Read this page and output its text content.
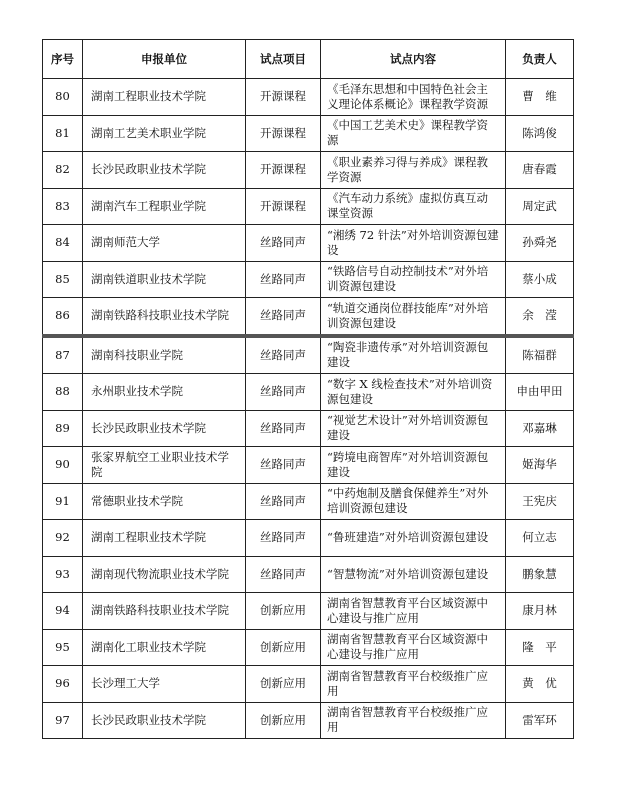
序号	申报单位	试点项目	试点内容	负责人
80	湖南工程职业技术学院	开源课程	《毛泽东思想和中国特色社会主义理论体系概论》课程教学资源	曹　维
81	湖南工艺美术职业学院	开源课程	《中国工艺美术史》课程教学资源	陈鸿俊
82	长沙民政职业技术学院	开源课程	《职业素养习得与养成》课程教学资源	唐春霞
83	湖南汽车工程职业学院	开源课程	《汽车动力系统》虚拟仿真互动课堂资源	周定武
84	湖南师范大学	丝路同声	“湘绣 72 针法”对外培训资源包建设	孙舜尧
85	湖南铁道职业技术学院	丝路同声	“铁路信号自动控制技术”对外培训资源包建设	蔡小成
86	湖南铁路科技职业技术学院	丝路同声	“轨道交通岗位群技能库”对外培训资源包建设	余　滢
87	湖南科技职业学院	丝路同声	“陶瓷非遗传承”对外培训资源包建设	陈福群
88	永州职业技术学院	丝路同声	“数字 X 线检查技术”对外培训资源包建设	申由甲田
89	长沙民政职业技术学院	丝路同声	“视觉艺术设计”对外培训资源包建设	邓嘉琳
90	张家界航空工业职业技术学院	丝路同声	“跨境电商智库”对外培训资源包建设	姬海华
91	常德职业技术学院	丝路同声	“中药炮制及膳食保健养生”对外培训资源包建设	王宪庆
92	湖南工程职业技术学院	丝路同声	“鲁班建造”对外培训资源包建设	何立志
93	湖南现代物流职业技术学院	丝路同声	“智慧物流”对外培训资源包建设	鹏象慧
94	湖南铁路科技职业技术学院	创新应用	湖南省智慧教育平台区域资源中心建设与推广应用	康月林
95	湖南化工职业技术学院	创新应用	湖南省智慧教育平台区域资源中心建设与推广应用	隆　平
96	长沙理工大学	创新应用	湖南省智慧教育平台校级推广应用	黄　优
97	长沙民政职业技术学院	创新应用	湖南省智慧教育平台校级推广应用	雷军环
